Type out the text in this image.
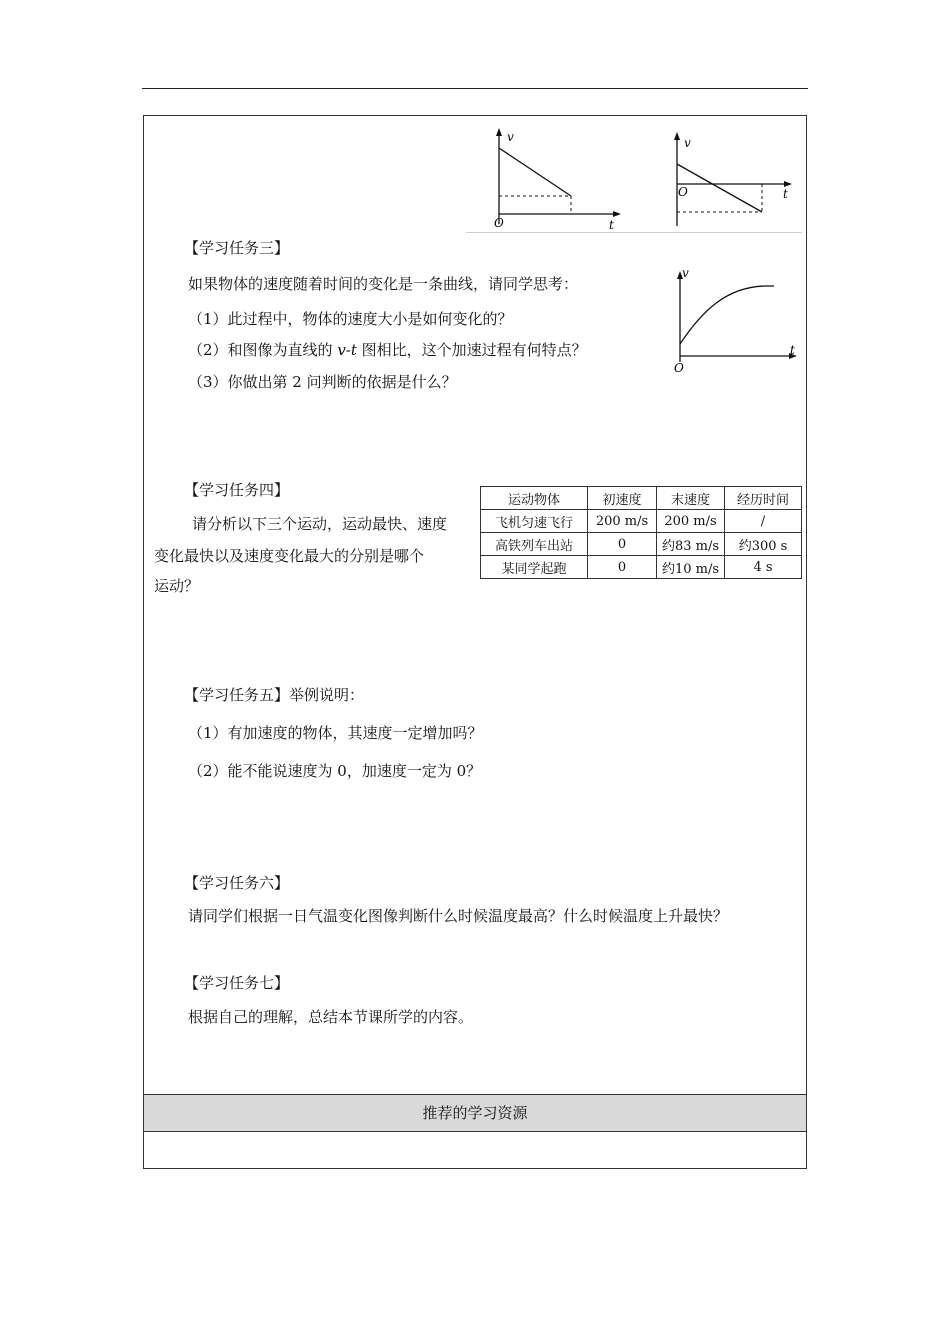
v
O	t
v
O	t
【学习任务三】
如果物体的速度随着时间的变化是一条曲线，请同学思考：
（1）此过程中，物体的速度大小是如何变化的？
（2）和图像为直线的 v-t 图相比，这个加速过程有何特点？
（3）你做出第 2 问判断的依据是什么？
v
O
t
【学习任务四】
请分析以下三个运动，运动最快、速度
变化最快以及速度变化最大的分别是哪个
运动？
运动物体	初速度	末速度	经历时间
飞机匀速飞行	200 m/s	200 m/s	/
高铁列车出站	0	约83 m/s	约300 s
某同学起跑	0	约10 m/s	4 s
【学习任务五】举例说明：
（1）有加速度的物体，其速度一定增加吗？
（2）能不能说速度为 0，加速度一定为 0？
【学习任务六】
请同学们根据一日气温变化图像判断什么时候温度最高？什么时候温度上升最快？
【学习任务七】
根据自己的理解，总结本节课所学的内容。
推荐的学习资源
